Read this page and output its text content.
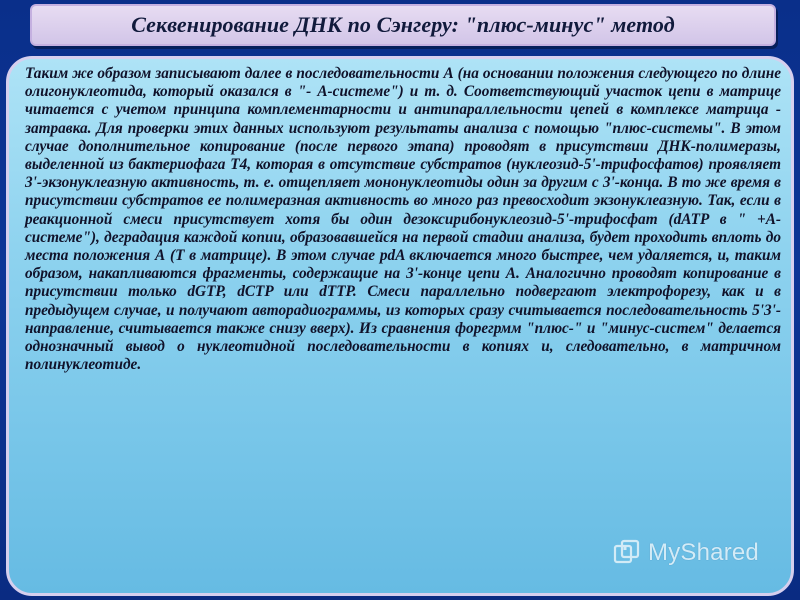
Секвенирование ДНК по Сэнгеру: "плюс-минус" метод

Таким же образом записывают далее в последовательности А (на основании положения следующего по длине олигонуклеотида, который оказался в "- А-системе") и т. д. Соответствующий участок цепи в матрице читается с учетом принципа комплементарности и антипараллельности цепей в комплексе матрица - затравка. Для проверки этих данных используют результаты анализа с помощью "плюс-системы". В этом случае дополнительное копирование (после первого этапа) проводят в присутствии ДНК-полимеразы, выделенной из бактериофага Т4, которая в отсутствие субстратов (нуклеозид-5'-трифосфатов) проявляет 3'-экзонуклеазную активность, т. е. отщепляет мононуклеотиды один за другим с 3'-конца. В то же время в присутствии субстратов ее полимеразная активность во много раз превосходит экзонуклеазную. Так, если в реакционной смеси присутствует хотя бы один дезоксирибонуклеозид-5'-трифосфат (dATP в " +А-системе"), деградация каждой копии, образовавшейся на первой стадии анализа, будет проходить вплоть до места положения А (Т в матрице). В этом случае рdA включается много быстрее, чем удаляется, и, таким образом, накапливаются фрагменты, содержащие на 3'-конце цепи А. Аналогично проводят копирование в присутствии только dGTP, dCTP или dTTP. Смеси параллельно подвергают электрофорезу, как и в предыдущем случае, и получают авторадиограммы, из которых сразу считывается последовательность 5'3'-направление, считывается также снизу вверх). Из сравнения форегрмм "плюс-" и "минус-систем" делается однозначный вывод о нуклеотидной последовательности в копиях и, следовательно, в матричном полинуклеотиде.

MyShared
